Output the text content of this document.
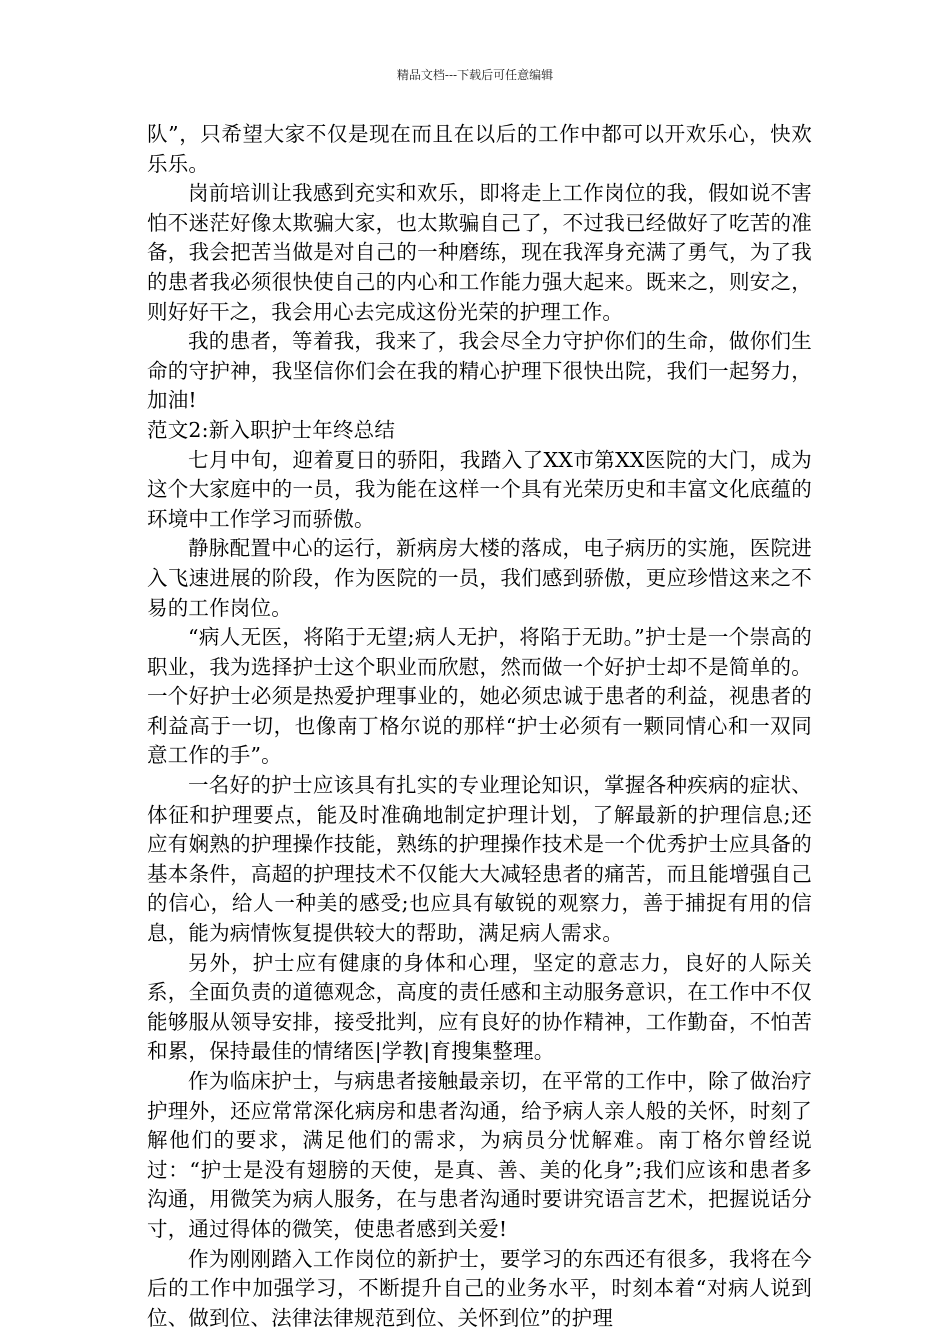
精品文档---下载后可任意编辑

队”，只希望大家不仅是现在而且在以后的工作中都可以开欢乐心，快欢乐乐。

岗前培训让我感到充实和欢乐，即将走上工作岗位的我，假如说不害怕不迷茫好像太欺骗大家，也太欺骗自己了，不过我已经做好了吃苦的准备，我会把苦当做是对自己的一种磨练，现在我浑身充满了勇气，为了我的患者我必须很快使自己的内心和工作能力强大起来。既来之，则安之，则好好干之，我会用心去完成这份光荣的护理工作。

我的患者，等着我，我来了，我会尽全力守护你们的生命，做你们生命的守护神，我坚信你们会在我的精心护理下很快出院，我们一起努力，加油!

范文2:新入职护士年终总结

七月中旬，迎着夏日的骄阳，我踏入了XX市第XX医院的大门，成为这个大家庭中的一员，我为能在这样一个具有光荣历史和丰富文化底蕴的环境中工作学习而骄傲。

静脉配置中心的运行，新病房大楼的落成，电子病历的实施，医院进入飞速进展的阶段，作为医院的一员，我们感到骄傲，更应珍惜这来之不易的工作岗位。

“病人无医，将陷于无望;病人无护，将陷于无助。”护士是一个崇高的职业，我为选择护士这个职业而欣慰，然而做一个好护士却不是简单的。一个好护士必须是热爱护理事业的，她必须忠诚于患者的利益，视患者的利益高于一切，也像南丁格尔说的那样“护士必须有一颗同情心和一双同意工作的手”。

一名好的护士应该具有扎实的专业理论知识，掌握各种疾病的症状、体征和护理要点，能及时准确地制定护理计划，了解最新的护理信息;还应有娴熟的护理操作技能，熟练的护理操作技术是一个优秀护士应具备的基本条件，高超的护理技术不仅能大大减轻患者的痛苦，而且能增强自己的信心，给人一种美的感受;也应具有敏锐的观察力，善于捕捉有用的信息，能为病情恢复提供较大的帮助，满足病人需求。

另外，护士应有健康的身体和心理，坚定的意志力，良好的人际关系，全面负责的道德观念，高度的责任感和主动服务意识，在工作中不仅能够服从领导安排，接受批判，应有良好的协作精神，工作勤奋，不怕苦和累，保持最佳的情绪医|学教|育搜集整理。

作为临床护士，与病患者接触最亲切，在平常的工作中，除了做治疗护理外，还应常常深化病房和患者沟通，给予病人亲人般的关怀，时刻了解他们的要求，满足他们的需求，为病员分忧解难。南丁格尔曾经说过：“护士是没有翅膀的天使，是真、善、美的化身”;我们应该和患者多沟通，用微笑为病人服务，在与患者沟通时要讲究语言艺术，把握说话分寸，通过得体的微笑，使患者感到关爱!

作为刚刚踏入工作岗位的新护士，要学习的东西还有很多，我将在今后的工作中加强学习，不断提升自己的业务水平，时刻本着“对病人说到位、做到位、法律法律规范到位、关怀到位”的护理
